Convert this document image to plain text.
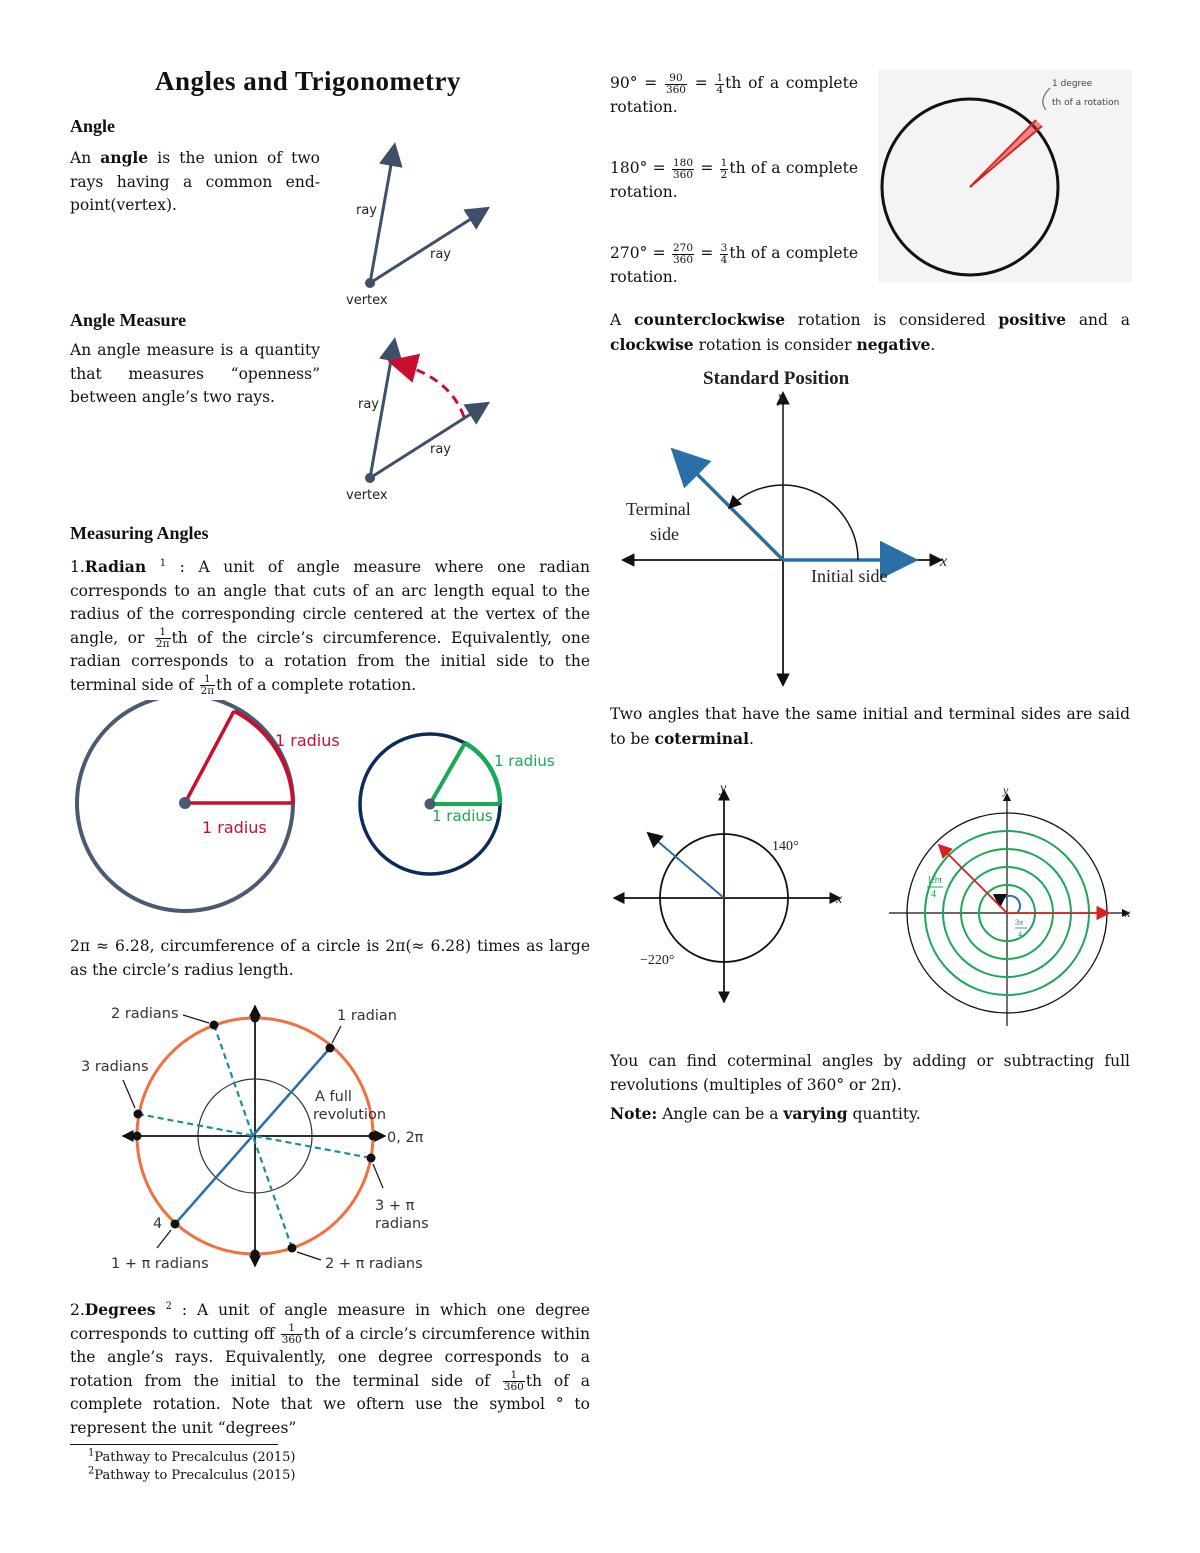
Angles and Trigonometry
Angle
An angle is the union of two rays having a common end-point(vertex).	ray
ray
vertex
Angle Measure
An angle measure is a quantity that measures “openness” between angle’s two rays.	ray
ray
vertex
Measuring Angles
1.Radian $^1$ : A unit of angle measure where one radian corresponds to an angle that cuts of an arc length equal to the radius of the corresponding circle centered at the vertex of the angle, or $\frac{1}{2\pi}$ th of the circle’s circumference. Equivalently, one radian corresponds to a rotation from the initial side to the terminal side of $\frac{1}{2\pi}$ th of a complete rotation.
1 radius
1 radius
1 radius
1 radius
2π ≈ 6.28, circumference of a circle is 2π(≈ 6.28) times as large as the circle’s radius length.
1 radian
2 radians
3 radians
4
A full
revolution
0, 2π
3 + π
radians
1 + π radians	2 + π radians
2.Degrees $^2$ : A unit of angle measure in which one degree corresponds to cutting off $\frac{1}{360}$ th of a circle’s circumference within the angle’s rays. Equivalently, one degree corresponds to a rotation from the initial to the terminal side of $\frac{1}{360}$ th of a complete rotation. Note that we oftern use the symbol ° to represent the unit “degrees”
$^1$Pathway to Precalculus (2015)
$^2$Pathway to Precalculus (2015)
$90^\circ = \frac{90}{360} = \frac{1}{4}$ th of a complete rotation.
$180^\circ = \frac{180}{360} = \frac{1}{2}$ th of a complete rotation.
$270^\circ = \frac{270}{360} = \frac{3}{4}$ th of a complete rotation.
1 degree
th of a rotation
A counterclockwise rotation is considered positive and a clockwise rotation is consider negative.
Standard Position
y
x
Terminal
side
Initial side
Two angles that have the same initial and terminal sides are said to be coterminal.
y
x
140°
−220°
y
x
19π
4
3π
4
You can find coterminal angles by adding or subtracting full revolutions (multiples of 360° or 2π).
Note: Angle can be a varying quantity.
